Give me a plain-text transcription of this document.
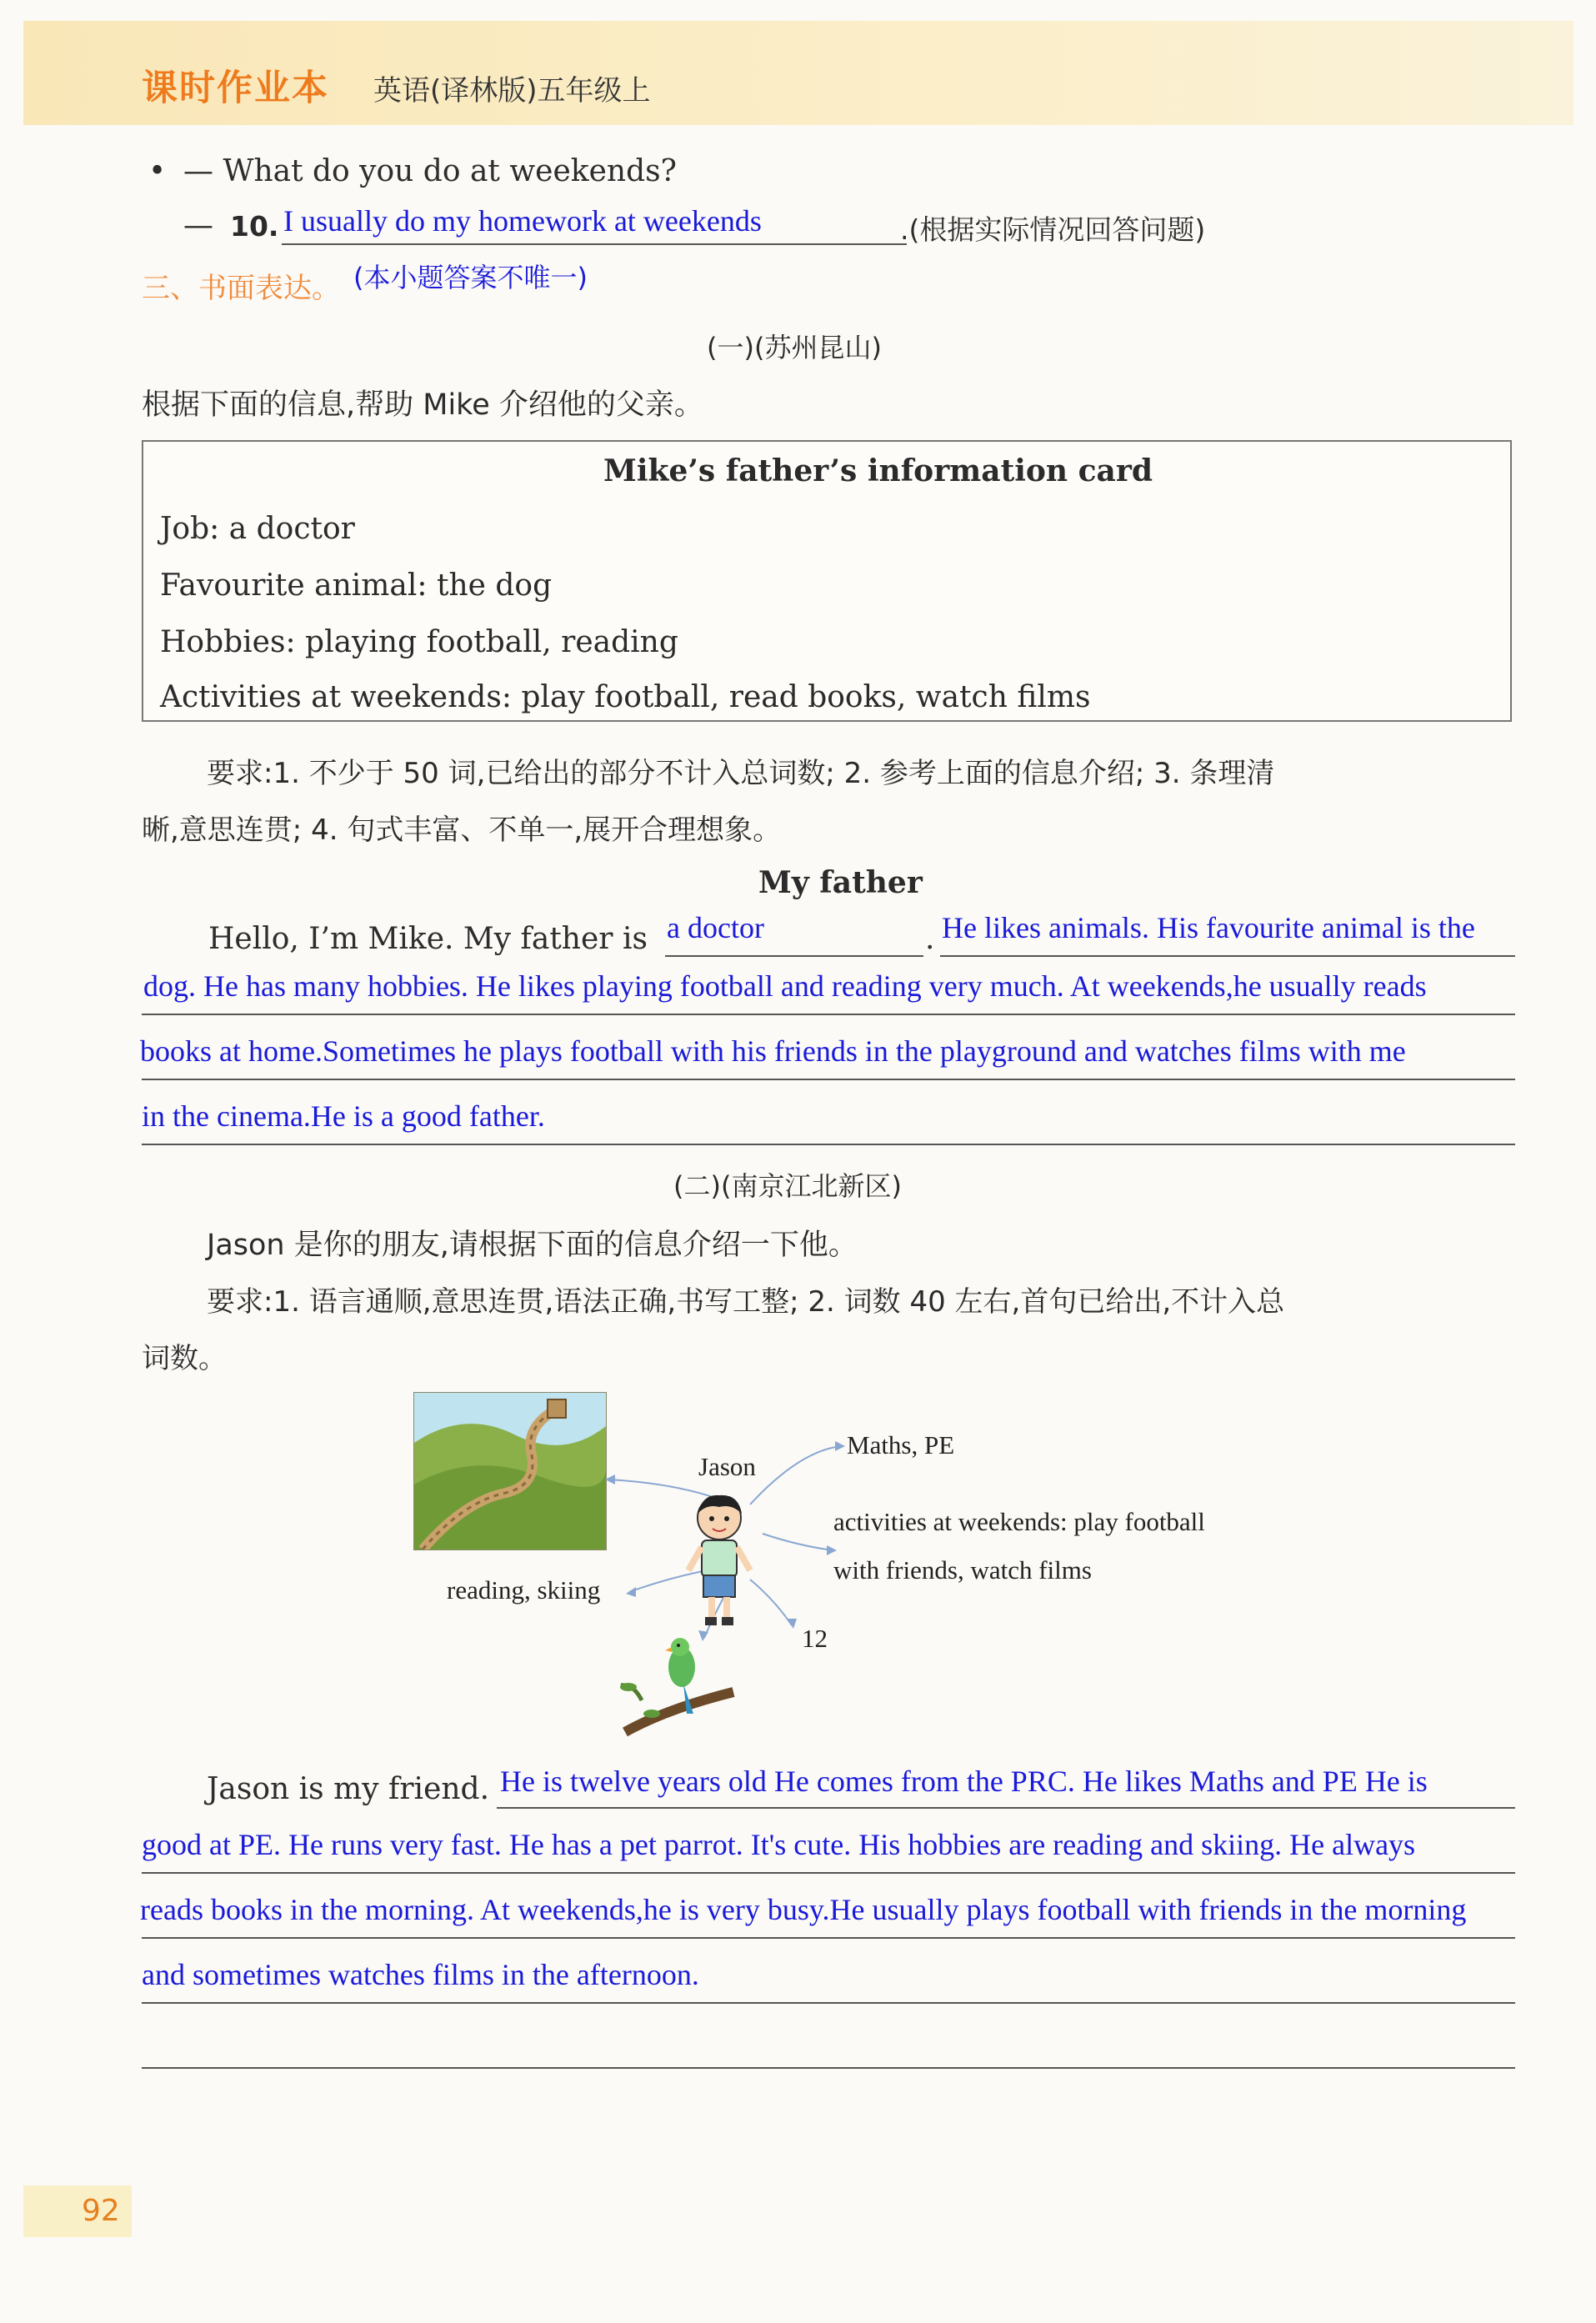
课时作业本 英语(译林版)五年级上
• — What do you do at weekends?
— 10. I usually do my homework at weekends	.(根据实际情况回答问题)
三、书面表达。 (本小题答案不唯一)
(一)(苏州昆山)
根据下面的信息,帮助 Mike 介绍他的父亲。
Mike’s father’s information card
Job: a doctor
Favourite animal: the dog
Hobbies: playing football, reading
Activities at weekends: play football, read books, watch films
要求:1. 不少于 50 词,已给出的部分不计入总词数; 2. 参考上面的信息介绍; 3. 条理清
晰,意思连贯; 4. 句式丰富、不单一,展开合理想象。
My father
Hello, I’m Mike. My father is a doctor	. He likes animals. His favourite animal is the
dog. He has many hobbies. He likes playing football and reading very much. At weekends,he usually reads
books at home.Sometimes he plays football with his friends in the playground and watches films with me
in the cinema.He is a good father.
(二)(南京江北新区)
Jason 是你的朋友,请根据下面的信息介绍一下他。
要求:1. 语言通顺,意思连贯,语法正确,书写工整; 2. 词数 40 左右,首句已给出,不计入总
词数。
Jason
Maths, PE
activities at weekends: play football
with friends, watch films
reading, skiing
12
Jason is my friend. He is twelve years old He comes from the PRC. He likes Maths and PE He is
good at PE. He runs very fast. He has a pet parrot. It's cute. His hobbies are reading and skiing. He always
reads books in the morning. At weekends,he is very busy.He usually plays football with friends in the morning
and sometimes watches films in the afternoon.
92
